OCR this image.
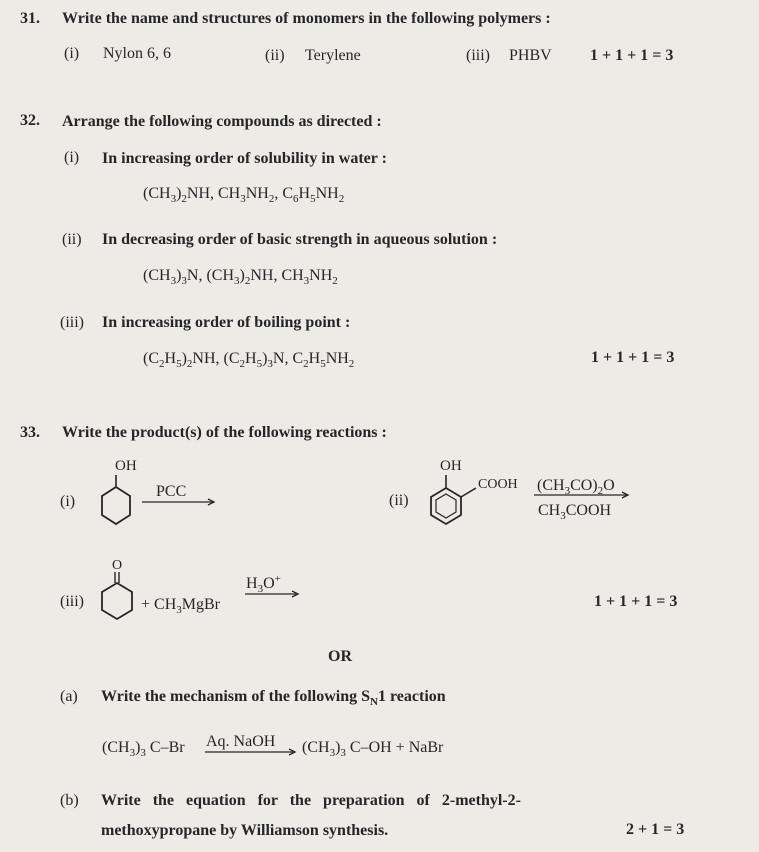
31. Write the name and structures of monomers in the following polymers :
(i) Nylon 6, 6	(ii) Terylene	(iii) PHBV 1 + 1 + 1 = 3
32. Arrange the following compounds as directed :
(i) In increasing order of solubility in water :
$(CH_3)_2NH$, $CH_3NH_2$, $C_6H_5NH_2$
(ii) In decreasing order of basic strength in aqueous solution :
$(CH_3)_3N$, $(CH_3)_2NH$, $CH_3NH_2$
(iii) In increasing order of boiling point :
$(C_2H_5)_2NH$, $(C_2H_5)_3N$, $C_2H_5NH_2$	1 + 1 + 1 = 3
33. Write the product(s) of the following reactions :
(i)
OH
PCC
(ii)
OH
COOH $(CH_3CO)_2O$
$CH_3COOH$
(iii)
O
$H_3O^+$
+ $CH_3MgBr$	1 + 1 + 1 = 3
OR
(a) Write the mechanism of the following $S_N1$ reaction
$(CH_3)_3$ C–Br Aq. NaOH $(CH_3)_3$ C–OH + NaBr
(b) Write   the   equation   for   the   preparation   of   2-methyl-2-
methoxypropane by Williamson synthesis.	2 + 1 = 3
